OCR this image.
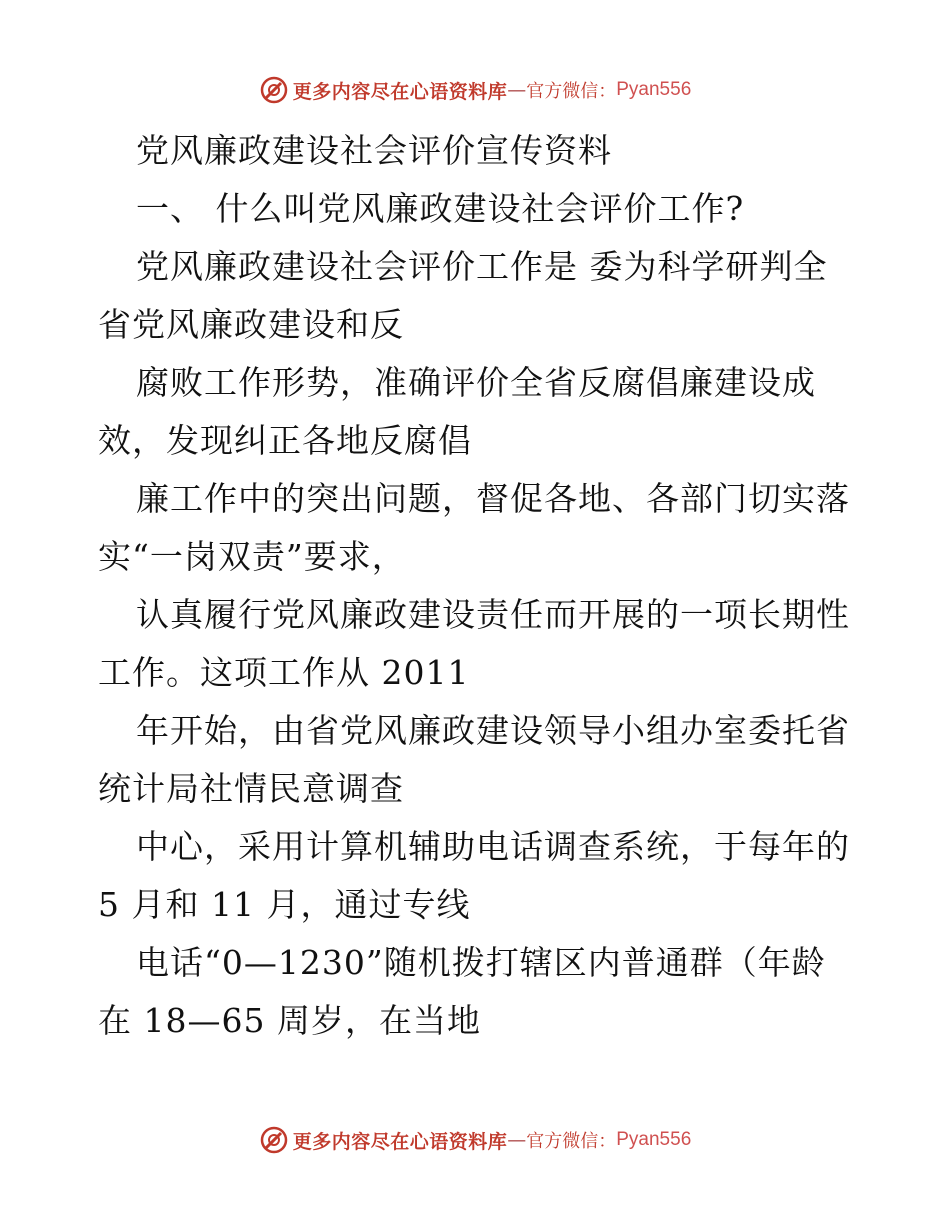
更多内容尽在心语资料库 — 官方微信： Pyan556
党风廉政建设社会评价宣传资料
一、 什么叫党风廉政建设社会评价工作?
党风廉政建设社会评价工作是 委为科学研判全
省党风廉政建设和反
腐败工作形势，准确评价全省反腐倡廉建设成
效，发现纠正各地反腐倡
廉工作中的突出问题，督促各地、各部门切实落
实“一岗双责”要求，
认真履行党风廉政建设责任而开展的一项长期性
工作。这项工作从 2011
年开始，由省党风廉政建设领导小组办室委托省
统计局社情民意调查
中心，采用计算机辅助电话调查系统，于每年的
5 月和 11 月，通过专线
电话“0—1230”随机拨打辖区内普通群（年龄
在 18—65 周岁，在当地
更多内容尽在心语资料库 — 官方微信： Pyan556
